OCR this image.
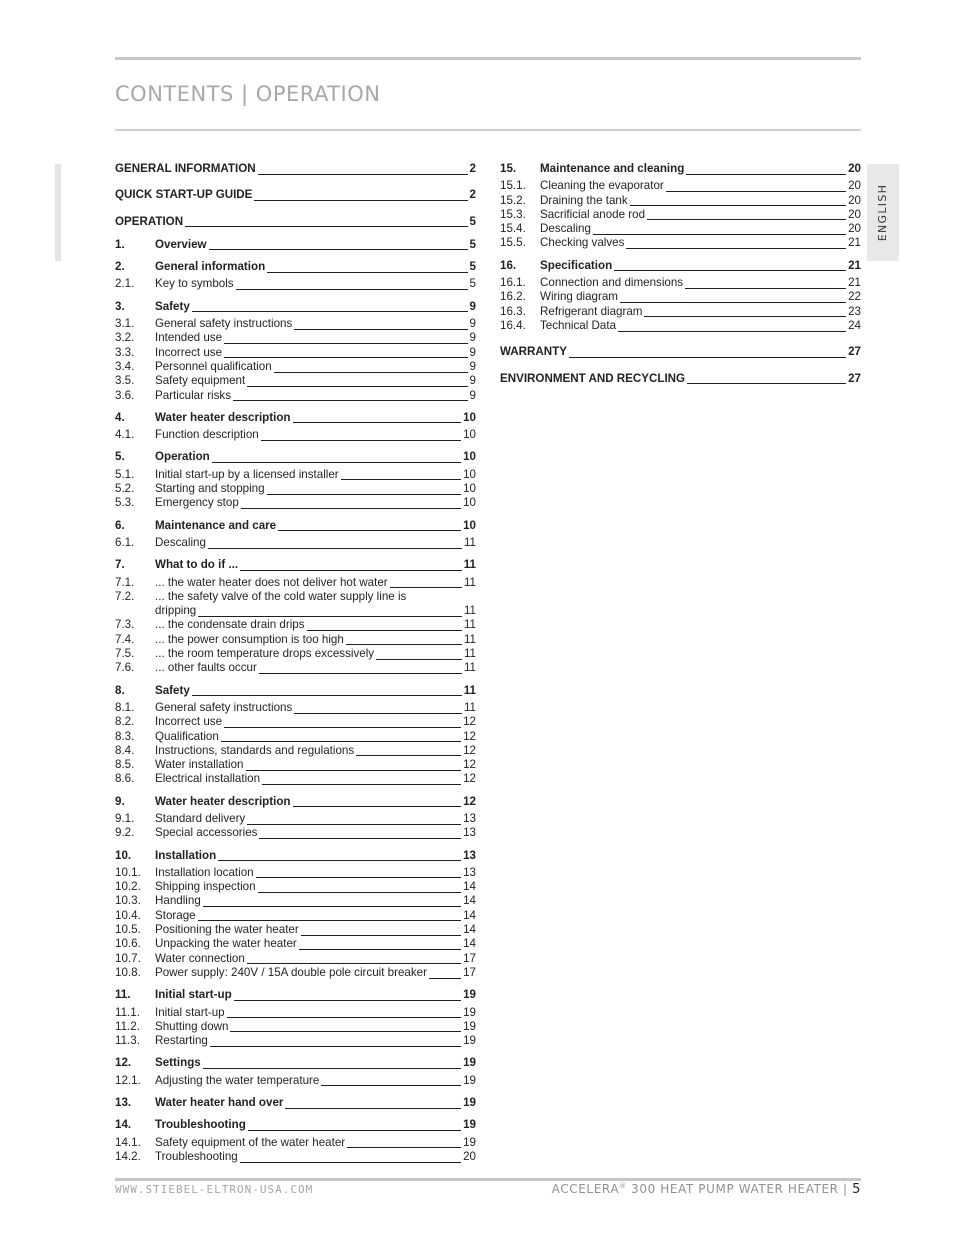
CONTENTS | OPERATION
ENGLISH
GENERAL INFORMATION	2
QUICK START-UP GUIDE	2
OPERATION	5
1.	Overview	5
2.	General information	5
2.1. Key to symbols	5
3.	Safety	9
3.1. General safety instructions	9
3.2. Intended use	9
3.3. Incorrect use	9
3.4. Personnel qualification	9
3.5. Safety equipment	9
3.6. Particular risks	9
4.	Water heater description	10
4.1. Function description	10
5.	Operation	10
5.1. Initial start-up by a licensed installer	10
5.2. Starting and stopping	10
5.3. Emergency stop	10
6.	Maintenance and care	10
6.1. Descaling	11
7.	What to do if ...	11
7.1. ... the water heater does not deliver hot water	11
7.2. ... the safety valve of the cold water supply line is
dripping	11
7.3. ... the condensate drain drips	11
7.4. ... the power consumption is too high	11
7.5. ... the room temperature drops excessively	11
7.6. ... other faults occur	11
8.	Safety	11
8.1. General safety instructions	11
8.2. Incorrect use	12
8.3. Qualification	12
8.4. Instructions, standards and regulations	12
8.5. Water installation	12
8.6. Electrical installation	12
9.	Water heater description	12
9.1. Standard delivery	13
9.2. Special accessories	13
10. Installation	13
10.1. Installation location	13
10.2. Shipping inspection	14
10.3. Handling	14
10.4. Storage	14
10.5. Positioning the water heater	14
10.6. Unpacking the water heater	14
10.7. Water connection	17
10.8. Power supply: 240V / 15A double pole circuit breaker	17
11. Initial start-up	19
11.1. Initial start-up	19
11.2. Shutting down	19
11.3. Restarting	19
12. Settings	19
12.1. Adjusting the water temperature	19
13. Water heater hand over	19
14. Troubleshooting	19
14.1. Safety equipment of the water heater	19
14.2. Troubleshooting	20
15. Maintenance and cleaning	20
15.1. Cleaning the evaporator	20
15.2. Draining the tank	20
15.3. Sacrificial anode rod	20
15.4. Descaling	20
15.5. Checking valves	21
16. Specification	21
16.1. Connection and dimensions	21
16.2. Wiring diagram	22
16.3. Refrigerant diagram	23
16.4. Technical Data	24
WARRANTY	27
ENVIRONMENT AND RECYCLING	27
WWW.STIEBEL-ELTRON-USA.COM	ACCELERA® 300 HEAT PUMP WATER HEATER | 5
